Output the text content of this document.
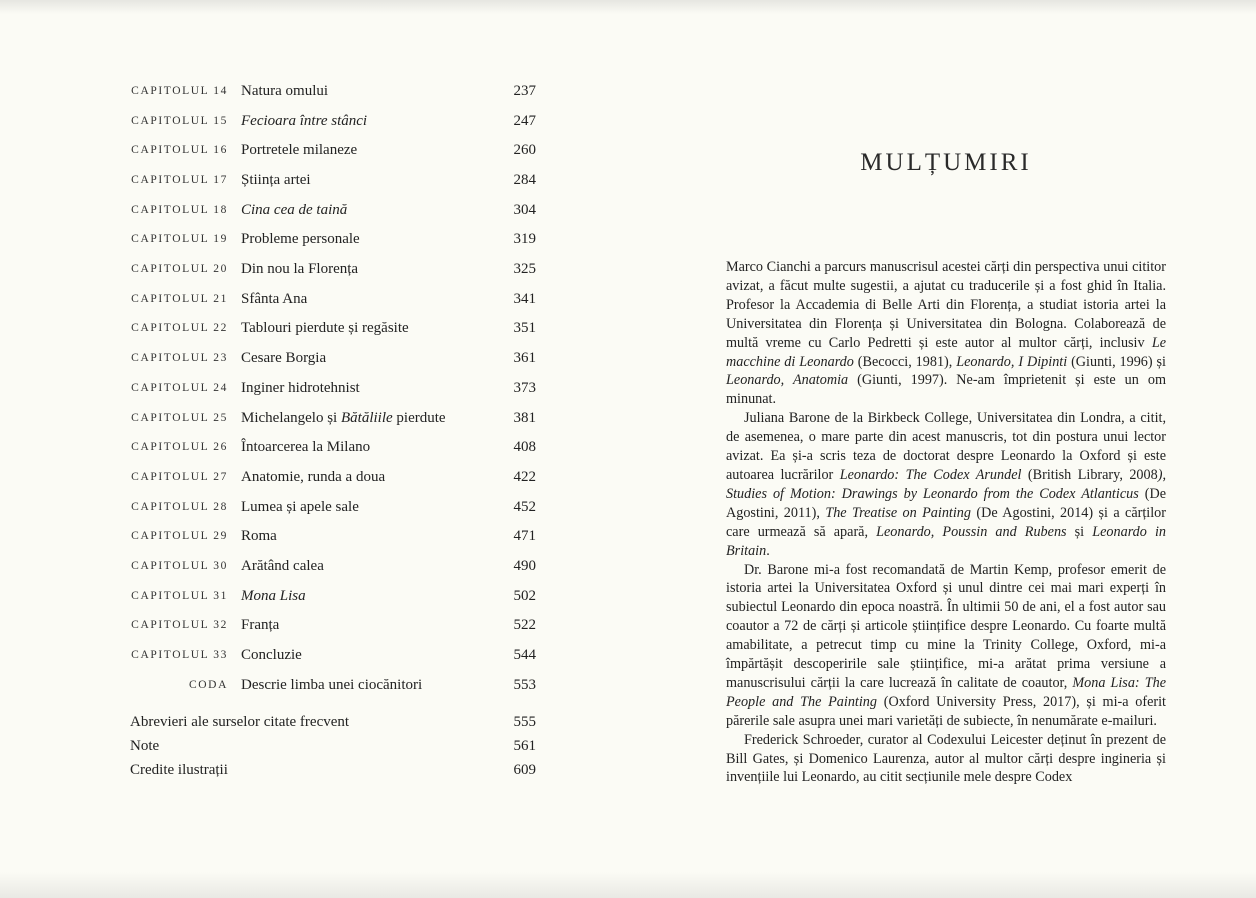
CAPITOLUL 14 Natura omului	237
CAPITOLUL 15 Fecioara între stânci	247
CAPITOLUL 16 Portretele milaneze	260
CAPITOLUL 17 Știința artei	284
CAPITOLUL 18 Cina cea de taină	304
CAPITOLUL 19 Probleme personale	319
CAPITOLUL 20 Din nou la Florența	325
CAPITOLUL 21 Sfânta Ana	341
CAPITOLUL 22 Tablouri pierdute și regăsite	351
CAPITOLUL 23 Cesare Borgia	361
CAPITOLUL 24 Inginer hidrotehnist	373
CAPITOLUL 25 Michelangelo și Bătăliile pierdute	381
CAPITOLUL 26 Întoarcerea la Milano	408
CAPITOLUL 27 Anatomie, runda a doua	422
CAPITOLUL 28 Lumea și apele sale	452
CAPITOLUL 29 Roma	471
CAPITOLUL 30 Arătând calea	490
CAPITOLUL 31 Mona Lisa	502
CAPITOLUL 32 Franța	522
CAPITOLUL 33 Concluzie	544
CODA Descrie limba unei ciocănitori	553
Abrevieri ale surselor citate frecvent	555
Note	561
Credite ilustrații	609
MULȚUMIRI

Marco Cianchi a parcurs manuscrisul acestei cărți din perspectiva unui cititor avizat, a făcut multe sugestii, a ajutat cu traducerile și a fost ghid în Italia. Profesor la Accademia di Belle Arti din Florența, a studiat istoria artei la Universitatea din Florența și Universitatea din Bologna. Colaborează de multă vreme cu Carlo Pedretti și este autor al multor cărți, inclusiv Le macchine di Leonardo (Becocci, 1981), Leonardo, I Dipinti (Giunti, 1996) și Leonardo, Anatomia (Giunti, 1997). Ne-am împrietenit și este un om minunat.

Juliana Barone de la Birkbeck College, Universitatea din Londra, a citit, de asemenea, o mare parte din acest manuscris, tot din postura unui lector avizat. Ea și-a scris teza de doctorat despre Leonardo la Oxford și este autoarea lucrărilor Leonardo: The Codex Arundel (British Library, 2008), Studies of Motion: Drawings by Leonardo from the Codex Atlanticus (De Agostini, 2011), The Treatise on Painting (De Agostini, 2014) și a cărților care urmează să apară, Leonardo, Poussin and Rubens și Leonardo in Britain.

Dr. Barone mi-a fost recomandată de Martin Kemp, profesor emerit de istoria artei la Universitatea Oxford și unul dintre cei mai mari experți în subiectul Leonardo din epoca noastră. În ultimii 50 de ani, el a fost autor sau coautor a 72 de cărți și articole științifice despre Leonardo. Cu foarte multă amabilitate, a petrecut timp cu mine la Trinity College, Oxford, mi-a împărtășit descoperirile sale științifice, mi-a arătat prima versiune a manuscrisului cărții la care lucrează în calitate de coautor, Mona Lisa: The People and The Painting (Oxford University Press, 2017), și mi-a oferit părerile sale asupra unei mari varietăți de subiecte, în nenumărate e-mailuri.

Frederick Schroeder, curator al Codexului Leicester deținut în prezent de Bill Gates, și Domenico Laurenza, autor al multor cărți despre ingineria și invențiile lui Leonardo, au citit secțiunile mele despre Codex
